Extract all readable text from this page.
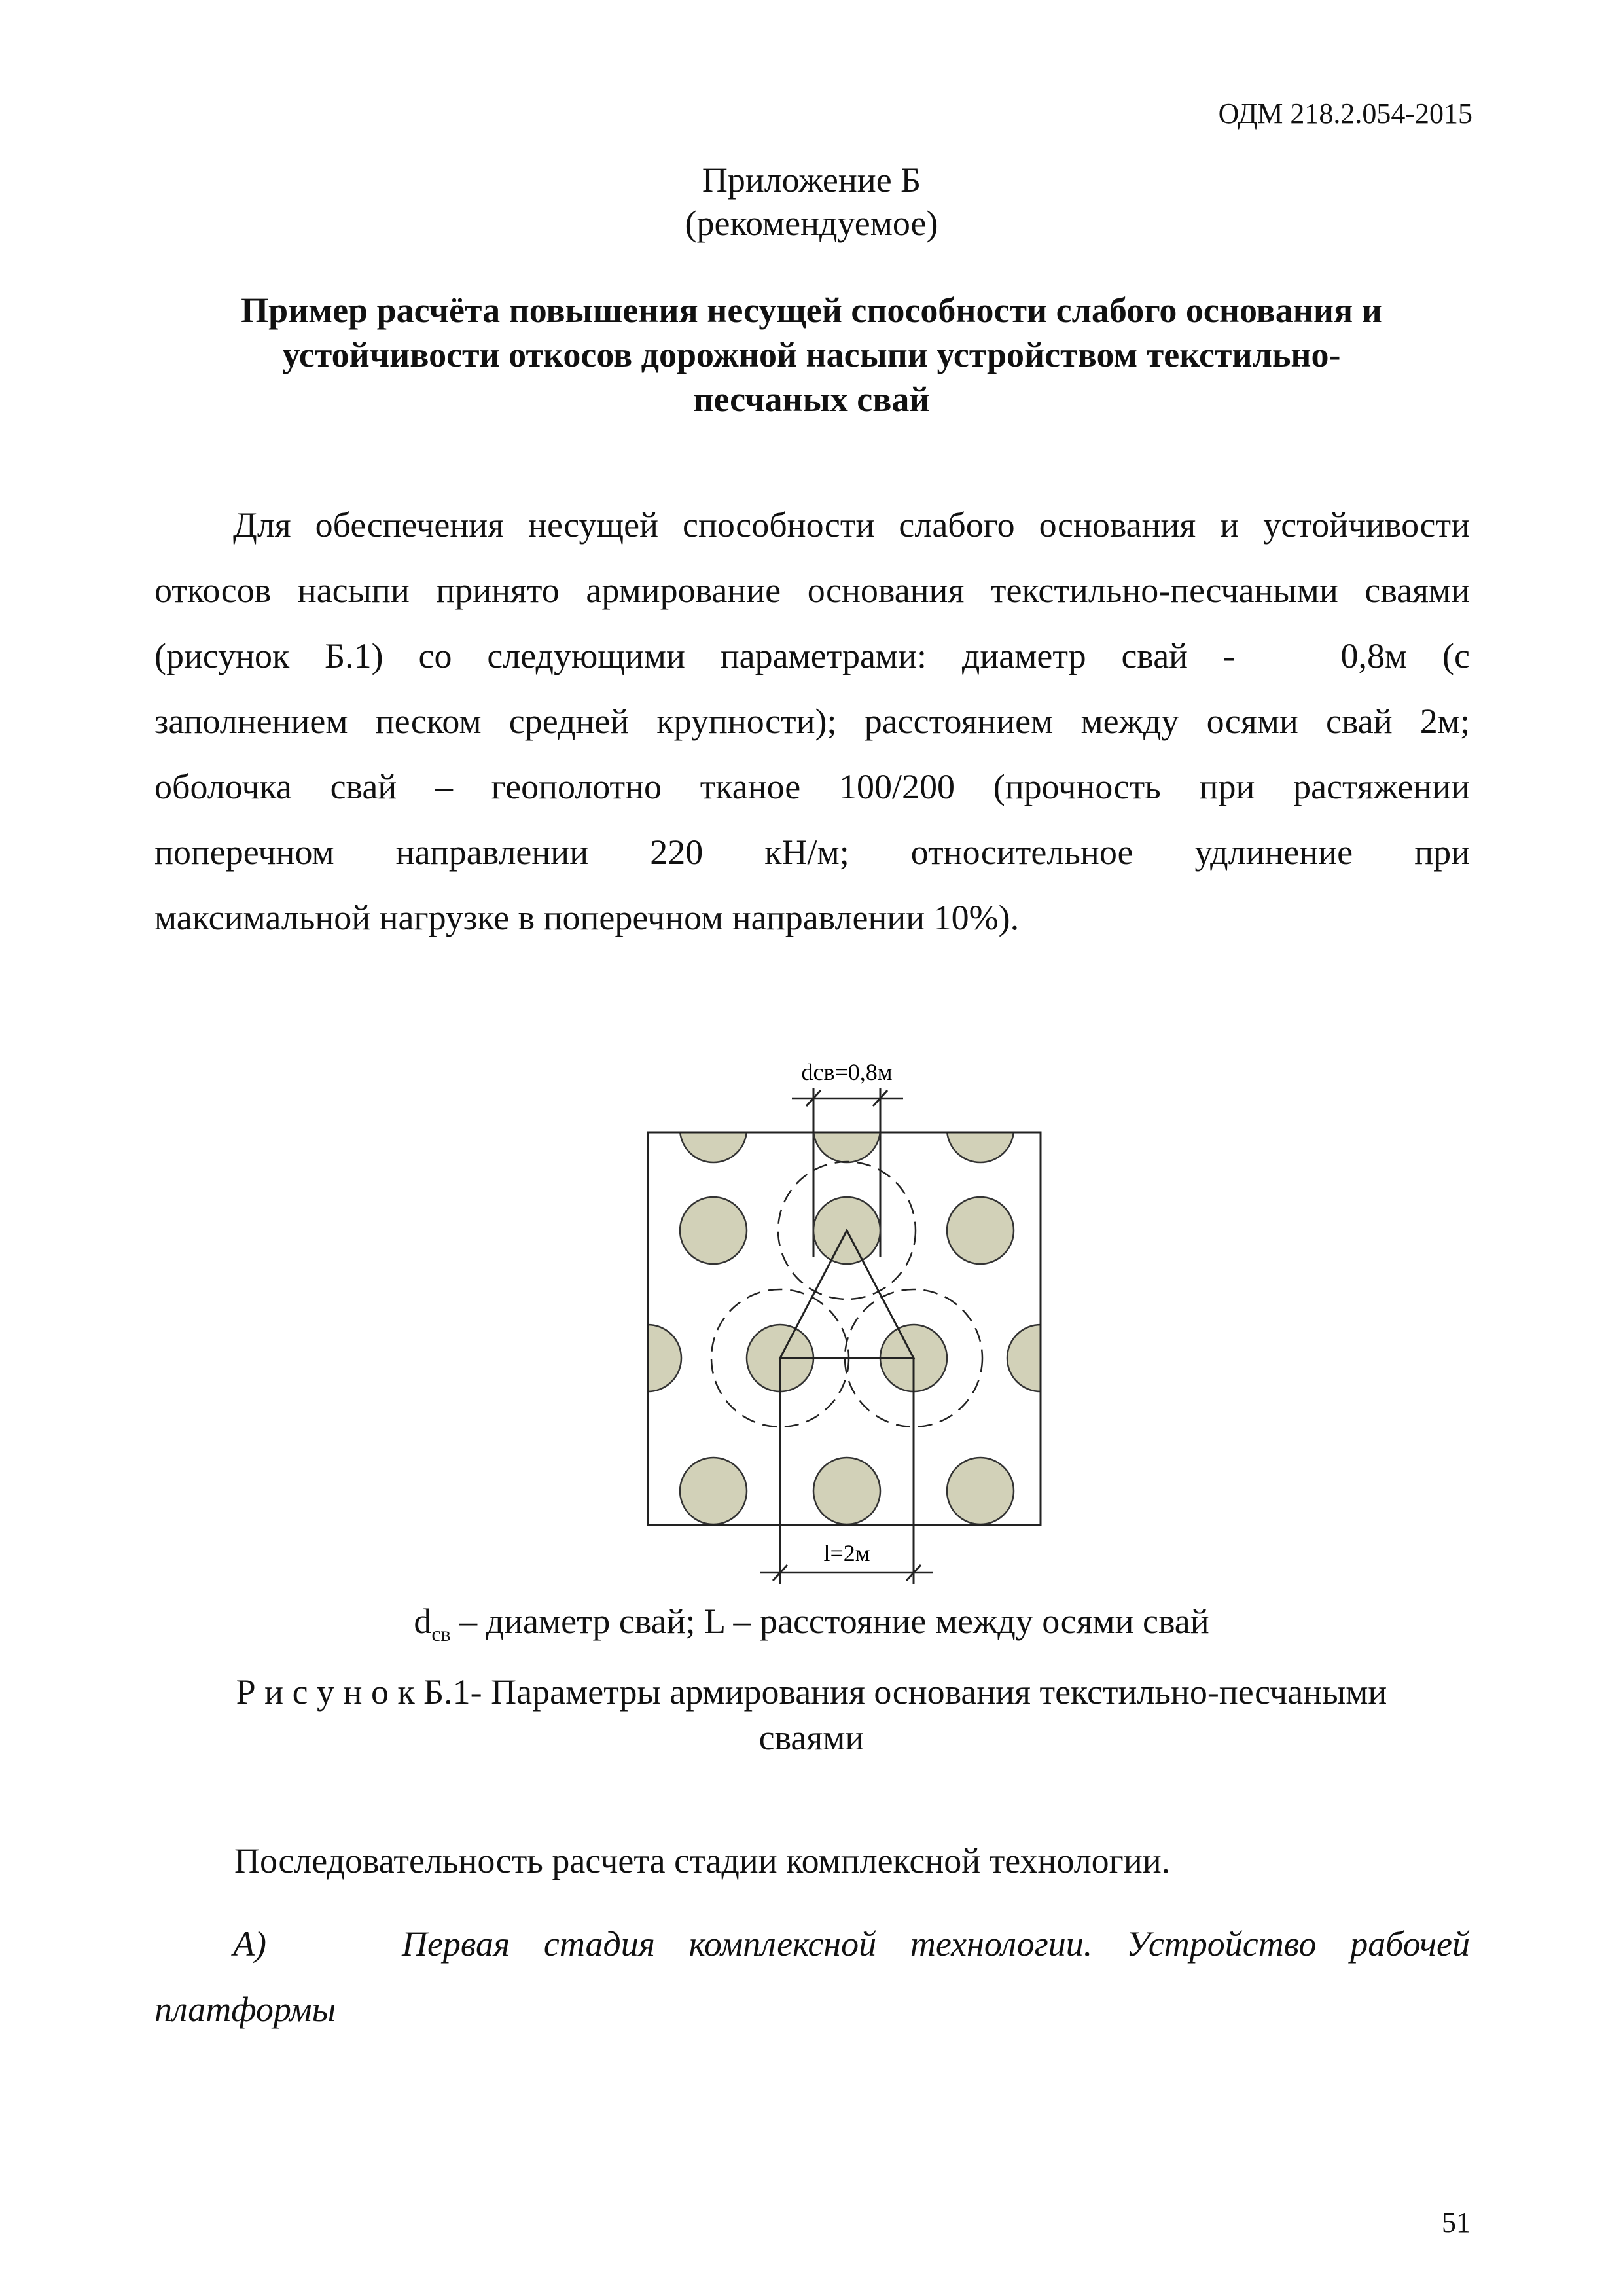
ОДМ 218.2.054-2015
Приложение Б
(рекомендуемое)
Пример расчёта повышения несущей способности слабого основания и
устойчивости откосов дорожной насыпи устройством текстильно-
песчаных свай
Для обеспечения несущей способности слабого основания и устойчивости
откосов насыпи принято армирование основания текстильно-песчаными сваями
(рисунок Б.1) со следующими параметрами: диаметр свай -   0,8м (с
заполнением песком средней крупности); расстоянием между осями свай 2м;
оболочка свай – геополотно тканое 100/200 (прочность при растяжении
поперечном направлении 220 кН/м; относительное удлинение при
максимальной нагрузке в поперечном направлении 10%).
dсв=0,8м
l=2м
$d_{св}$ – диаметр свай; L – расстояние между осями свай
Р и с у н о к Б.1- Параметры армирования основания текстильно-песчаными
сваями
Последовательность расчета стадии комплексной технологии.
А)    Первая стадия комплексной технологии. Устройство рабочей
платформы
51
